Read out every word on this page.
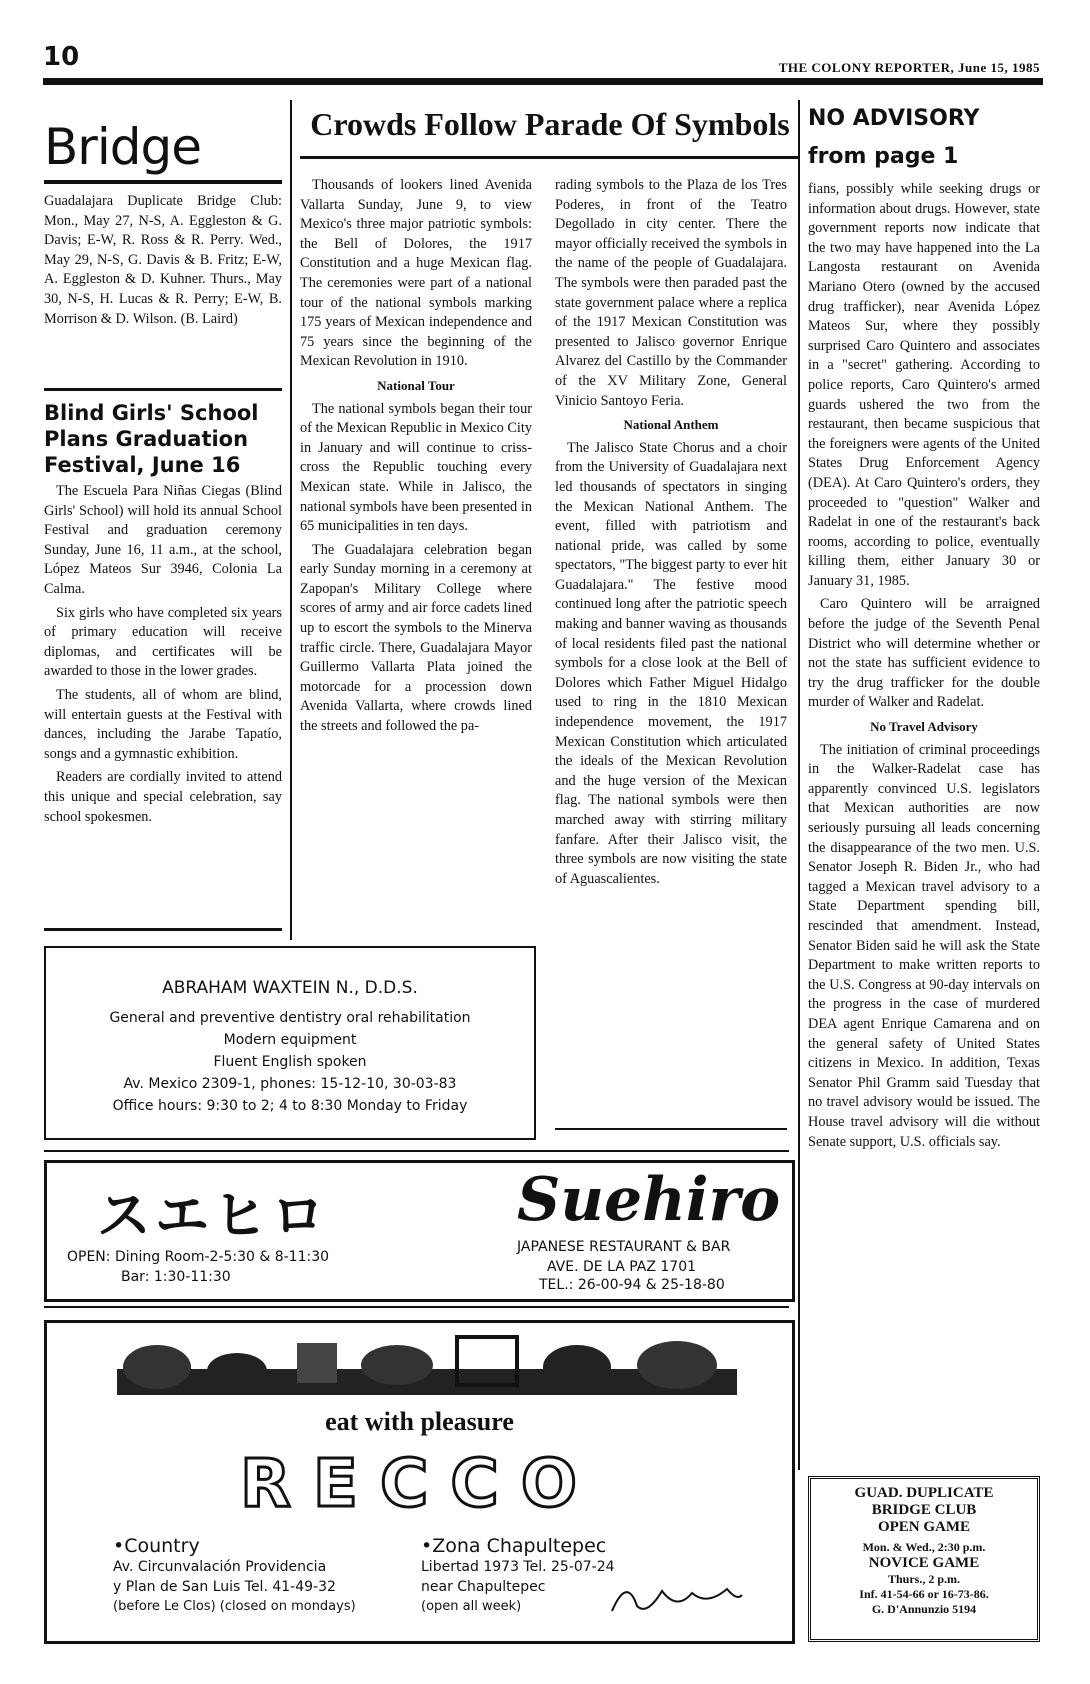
10	THE COLONY REPORTER, June 15, 1985
Bridge

Guadalajara Duplicate Bridge Club: Mon., May 27, N-S, A. Eggleston & G. Davis; E-W, R. Ross & R. Perry. Wed., May 29, N-S, G. Davis & B. Fritz; E-W, A. Eggleston & D. Kuhner. Thurs., May 30, N-S, H. Lucas & R. Perry; E-W, B. Morrison & D. Wilson. (B. Laird)

Blind Girls' School Plans Graduation Festival, June 16

The Escuela Para Niñas Ciegas (Blind Girls' School) will hold its annual School Festival and graduation ceremony Sunday, June 16, 11 a.m., at the school, López Mateos Sur 3946, Colonia La Calma.

Six girls who have completed six years of primary education will receive diplomas, and certificates will be awarded to those in the lower grades.

The students, all of whom are blind, will entertain guests at the Festival with dances, including the Jarabe Tapatío, songs and a gymnastic exhibition.

Readers are cordially invited to attend this unique and special celebration, say school spokesmen.

Crowds Follow Parade Of Symbols

Thousands of lookers lined Avenida Vallarta Sunday, June 9, to view Mexico's three major patriotic symbols: the Bell of Dolores, the 1917 Constitution and a huge Mexican flag. The ceremonies were part of a national tour of the national symbols marking 175 years of Mexican independence and 75 years since the beginning of the Mexican Revolution in 1910.

National Tour

The national symbols began their tour of the Mexican Republic in Mexico City in January and will continue to criss-cross the Republic touching every Mexican state. While in Jalisco, the national symbols have been presented in 65 municipalities in ten days.

The Guadalajara celebration began early Sunday morning in a ceremony at Zapopan's Military College where scores of army and air force cadets lined up to escort the symbols to the Minerva traffic circle. There, Guadalajara Mayor Guillermo Vallarta Plata joined the motorcade for a procession down Avenida Vallarta, where crowds lined the streets and followed the pa-

rading symbols to the Plaza de los Tres Poderes, in front of the Teatro Degollado in city center. There the mayor officially received the symbols in the name of the people of Guadalajara. The symbols were then paraded past the state government palace where a replica of the 1917 Mexican Constitution was presented to Jalisco governor Enrique Alvarez del Castillo by the Commander of the XV Military Zone, General Vinicio Santoyo Feria.

National Anthem

The Jalisco State Chorus and a choir from the University of Guadalajara next led thousands of spectators in singing the Mexican National Anthem. The event, filled with patriotism and national pride, was called by some spectators, "The biggest party to ever hit Guadalajara." The festive mood continued long after the patriotic speech making and banner waving as thousands of local residents filed past the national symbols for a close look at the Bell of Dolores which Father Miguel Hidalgo used to ring in the 1810 Mexican independence movement, the 1917 Mexican Constitution which articulated the ideals of the Mexican Revolution and the huge version of the Mexican flag. The national symbols were then marched away with stirring military fanfare. After their Jalisco visit, the three symbols are now visiting the state of Aguascalientes.

NO ADVISORY
from page 1

fians, possibly while seeking drugs or information about drugs. However, state government reports now indicate that the two may have happened into the La Langosta restaurant on Avenida Mariano Otero (owned by the accused drug trafficker), near Avenida López Mateos Sur, where they possibly surprised Caro Quintero and associates in a "secret" gathering. According to police reports, Caro Quintero's armed guards ushered the two from the restaurant, then became suspicious that the foreigners were agents of the United States Drug Enforcement Agency (DEA). At Caro Quintero's orders, they proceeded to "question" Walker and Radelat in one of the restaurant's back rooms, according to police, eventually killing them, either January 30 or January 31, 1985.

Caro Quintero will be arraigned before the judge of the Seventh Penal District who will determine whether or not the state has sufficient evidence to try the drug trafficker for the double murder of Walker and Radelat.

No Travel Advisory

The initiation of criminal proceedings in the Walker-Radelat case has apparently convinced U.S. legislators that Mexican authorities are now seriously pursuing all leads concerning the disappearance of the two men. U.S. Senator Joseph R. Biden Jr., who had tagged a Mexican travel advisory to a State Department spending bill, rescinded that amendment. Instead, Senator Biden said he will ask the State Department to make written reports to the U.S. Congress at 90-day intervals on the progress in the case of murdered DEA agent Enrique Camarena and on the general safety of United States citizens in Mexico. In addition, Texas Senator Phil Gramm said Tuesday that no travel advisory would be issued. The House travel advisory will die without Senate support, U.S. officials say.

ABRAHAM WAXTEIN N., D.D.S.
General and preventive dentistry oral rehabilitation
Modern equipment
Fluent English spoken
Av. Mexico 2309-1, phones: 15-12-10, 30-03-83
Office hours: 9:30 to 2; 4 to 8:30 Monday to Friday
スエヒロ	Suehiro
OPEN: Dining Room-2-5:30 & 8-11:30
Bar: 1:30-11:30
JAPANESE RESTAURANT & BAR
AVE. DE LA PAZ 1701
TEL.: 26-00-94 & 25-18-80
eat with pleasure
RECCO
•Country
Av. Circunvalación Providencia
y Plan de San Luis Tel. 41-49-32
(before Le Clos) (closed on mondays)
•Zona Chapultepec
Libertad 1973 Tel. 25-07-24
near Chapultepec
(open all week)
GUAD. DUPLICATE
BRIDGE CLUB
OPEN GAME
Mon. & Wed., 2:30 p.m.
NOVICE GAME
Thurs., 2 p.m.
Inf. 41-54-66 or 16-73-86.
G. D'Annunzio 5194
